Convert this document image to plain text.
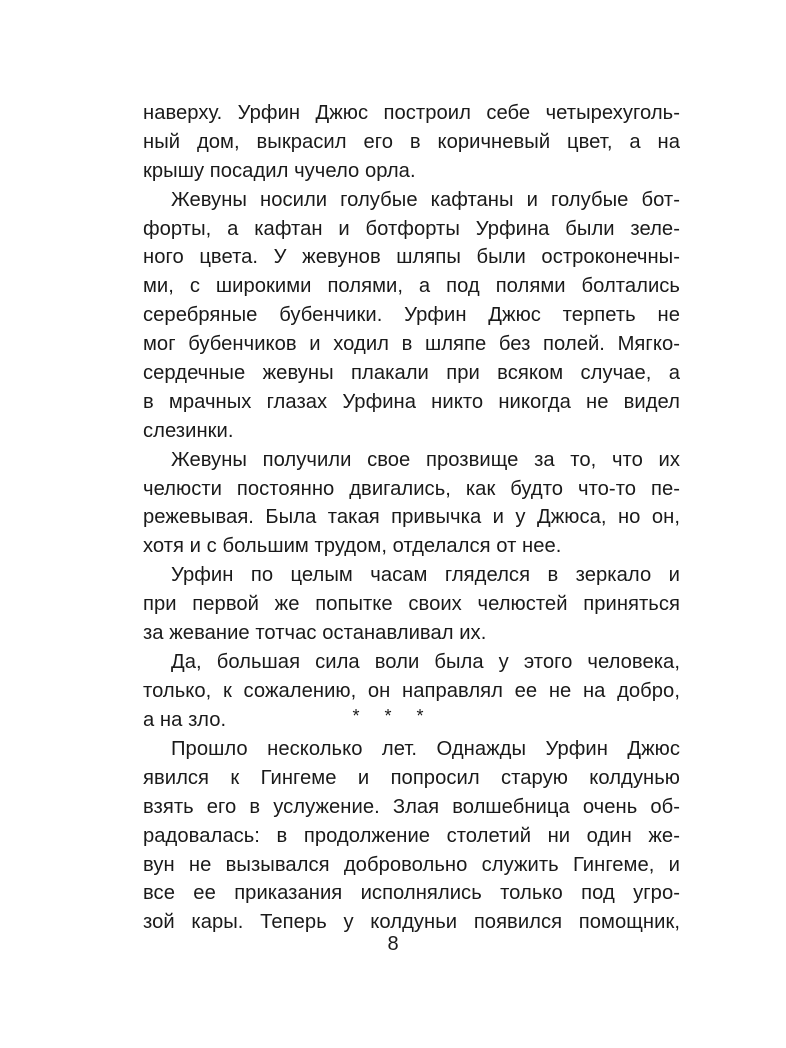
наверху. Урфин Джюс построил себе четырехуголь-
ный дом, выкрасил его в коричневый цвет, а на
крышу посадил чучело орла.
Жевуны носили голубые кафтаны и голубые бот-
форты, а кафтан и ботфорты Урфина были зеле-
ного цвета. У жевунов шляпы были остроконечны-
ми, с широкими полями, а под полями болтались
серебряные бубенчики. Урфин Джюс терпеть не
мог бубенчиков и ходил в шляпе без полей. Мягко-
сердечные жевуны плакали при всяком случае, а
в мрачных глазах Урфина никто никогда не видел
слезинки.
Жевуны получили свое прозвище за то, что их
челюсти постоянно двигались, как будто что-то пе-
режевывая. Была такая привычка и у Джюса, но он,
хотя и с большим трудом, отделался от нее.
Урфин по целым часам гляделся в зеркало и
при первой же попытке своих челюстей приняться
за жевание тотчас останавливал их.
Да, большая сила воли была у этого человека,
только, к сожалению, он направлял ее не на добро,
а на зло.	* * *
Прошло несколько лет. Однажды Урфин Джюс
явился к Гингеме и попросил старую колдунью
взять его в услужение. Злая волшебница очень об-
радовалась: в продолжение столетий ни один же-
вун не вызывался добровольно служить Гингеме, и
все ее приказания исполнялись только под угро-
зой кары. Теперь у колдуньи появился помощник,
8
